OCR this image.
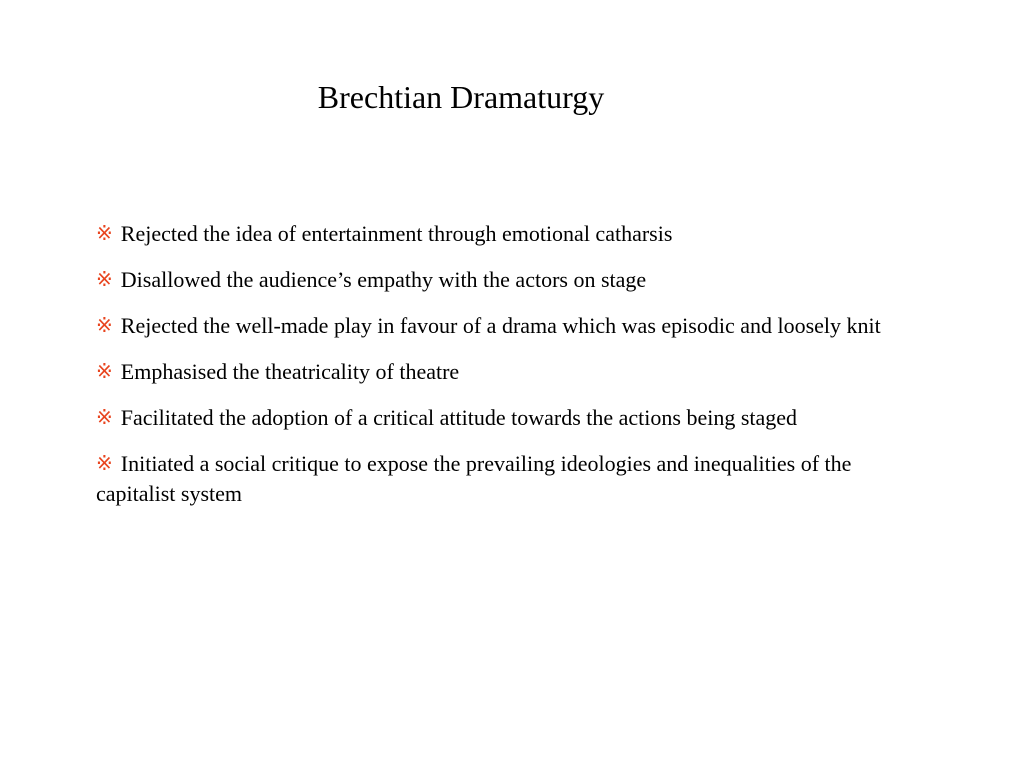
Brechtian Dramaturgy
※ Rejected the idea of entertainment through emotional catharsis
※ Disallowed the audience’s empathy with the actors on stage
※ Rejected the well-made play in favour of a drama which was episodic and loosely knit
※ Emphasised the theatricality of theatre
※ Facilitated the adoption of a critical attitude towards the actions being staged
※ Initiated a social critique to expose the prevailing ideologies and inequalities of the capitalist system
